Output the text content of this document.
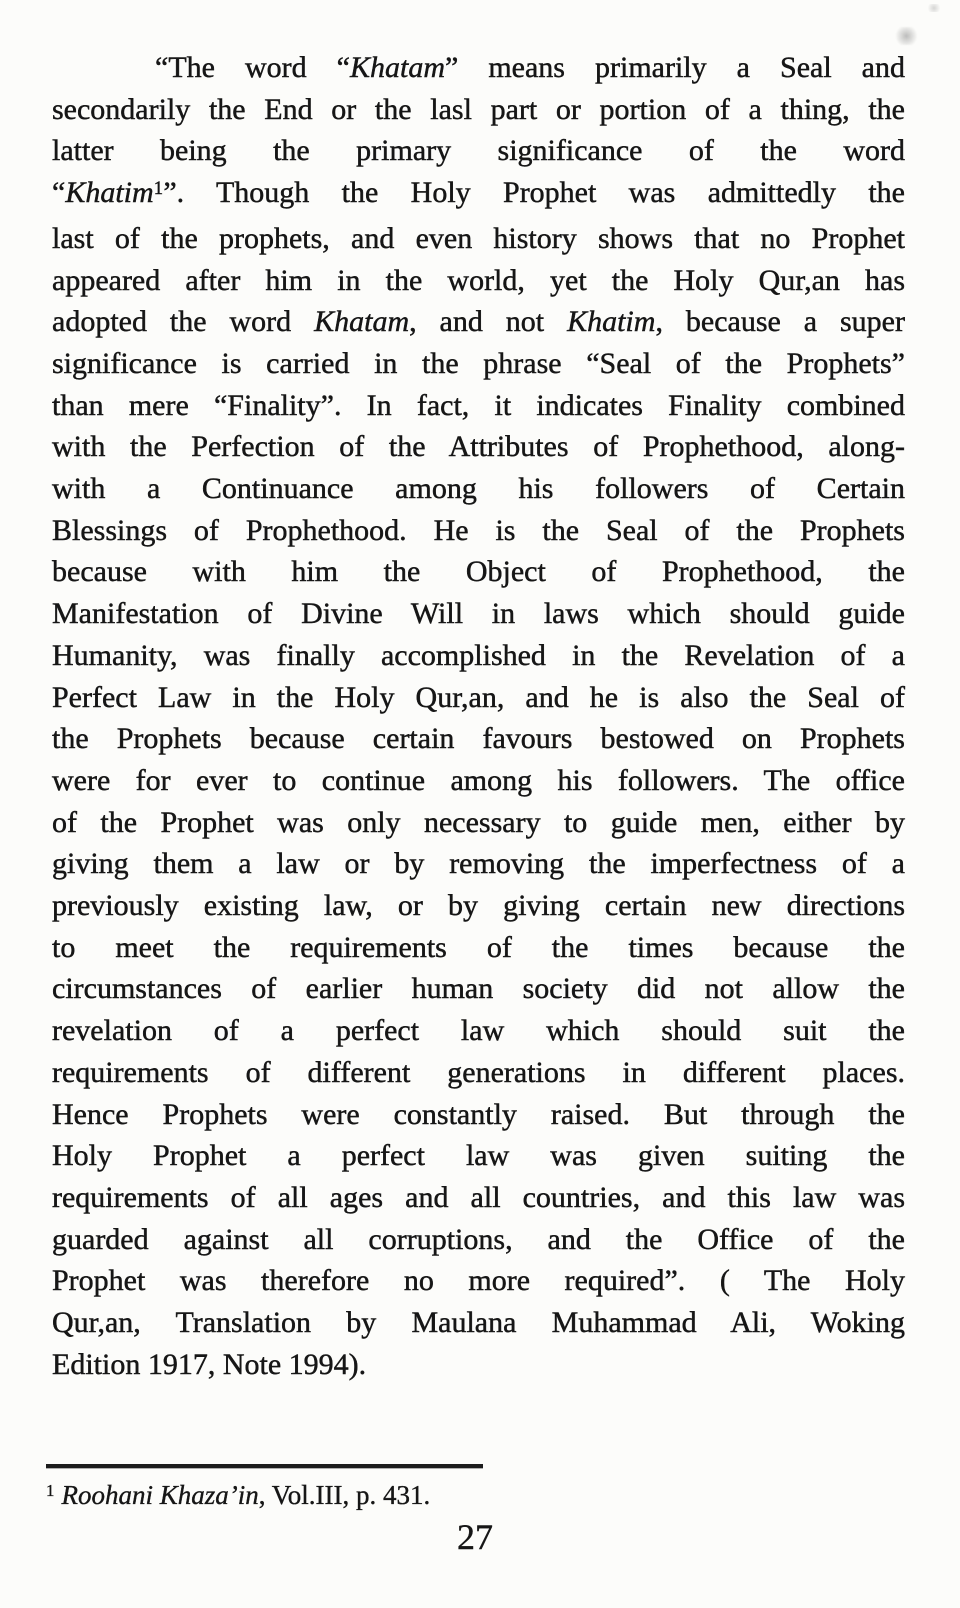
“The word “Khatam” means primarily a Seal and
secondarily the End or the lasl part or portion of a thing, the
latter being the primary significance of the word
“Khatim$^1$”. Though the Holy Prophet was admittedly the
last of the prophets, and even history shows that no Prophet
appeared after him in the world, yet the Holy Qur,an has
adopted the word Khatam, and not Khatim, because a super
significance is carried in the phrase “Seal of the Prophets”
than mere “Finality”. In fact, it indicates Finality combined
with the Perfection of the Attributes of Prophethood, along-
with a Continuance among his followers of Certain
Blessings of Prophethood. He is the Seal of the Prophets
because with him the Object of Prophethood, the
Manifestation of Divine Will in laws which should guide
Humanity, was finally accomplished in the Revelation of a
Perfect Law in the Holy Qur,an, and he is also the Seal of
the Prophets because certain favours bestowed on Prophets
were for ever to continue among his followers. The office
of the Prophet was only necessary to guide men, either by
giving them a law or by removing the imperfectness of a
previously existing law, or by giving certain new directions
to meet the requirements of the times because the
circumstances of earlier human society did not allow the
revelation of a perfect law which should suit the
requirements of different generations in different places.
Hence Prophets were constantly raised. But through the
Holy Prophet a perfect law was given suiting the
requirements of all ages and all countries, and this law was
guarded against all corruptions, and the Office of the
Prophet was therefore no more required”. ( The Holy
Qur,an, Translation by Maulana Muhammad Ali, Woking
Edition 1917, Note 1994).
$^1$ Roohani Khaza’in, Vol.III, p. 431.
27
